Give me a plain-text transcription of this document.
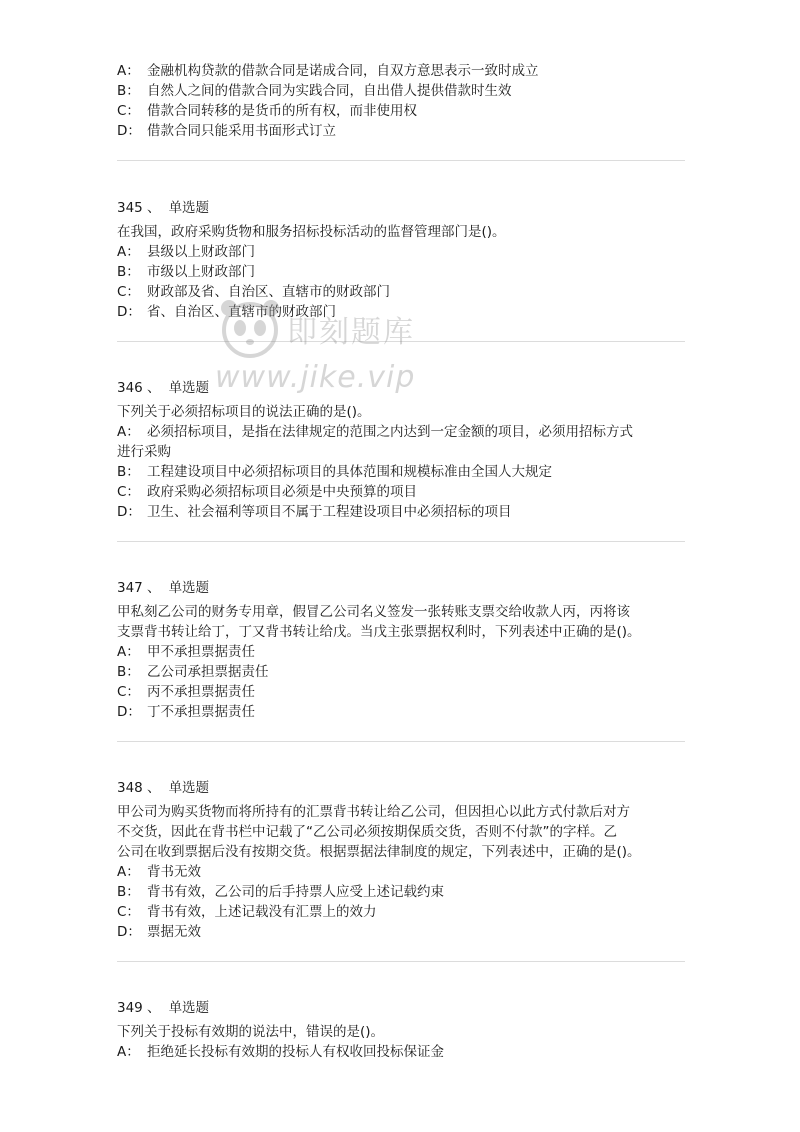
A： 金融机构贷款的借款合同是诺成合同，自双方意思表示一致时成立
B： 自然人之间的借款合同为实践合同，自出借人提供借款时生效
C： 借款合同转移的是货币的所有权，而非使用权
D： 借款合同只能采用书面形式订立
345 、 单选题
在我国，政府采购货物和服务招标投标活动的监督管理部门是()。
A： 县级以上财政部门
B： 市级以上财政部门
C： 财政部及省、自治区、直辖市的财政部门
D： 省、自治区、直辖市的财政部门
346 、 单选题
下列关于必须招标项目的说法正确的是()。
A： 必须招标项目，是指在法律规定的范围之内达到一定金额的项目，必须用招标方式
进行采购
B： 工程建设项目中必须招标项目的具体范围和规模标准由全国人大规定
C： 政府采购必须招标项目必须是中央预算的项目
D： 卫生、社会福利等项目不属于工程建设项目中必须招标的项目
347 、 单选题
甲私刻乙公司的财务专用章，假冒乙公司名义签发一张转账支票交给收款人丙，丙将该
支票背书转让给丁，丁又背书转让给戊。当戊主张票据权利时，下列表述中正确的是()。
A： 甲不承担票据责任
B： 乙公司承担票据责任
C： 丙不承担票据责任
D： 丁不承担票据责任
348 、 单选题
甲公司为购买货物而将所持有的汇票背书转让给乙公司，但因担心以此方式付款后对方
不交货，因此在背书栏中记载了“乙公司必须按期保质交货，否则不付款”的字样。乙
公司在收到票据后没有按期交货。根据票据法律制度的规定，下列表述中，正确的是()。
A： 背书无效
B： 背书有效，乙公司的后手持票人应受上述记载约束
C： 背书有效，上述记载没有汇票上的效力
D： 票据无效
349 、 单选题
下列关于投标有效期的说法中，错误的是()。
A： 拒绝延长投标有效期的投标人有权收回投标保证金
即刻题库
www.jike.vip
